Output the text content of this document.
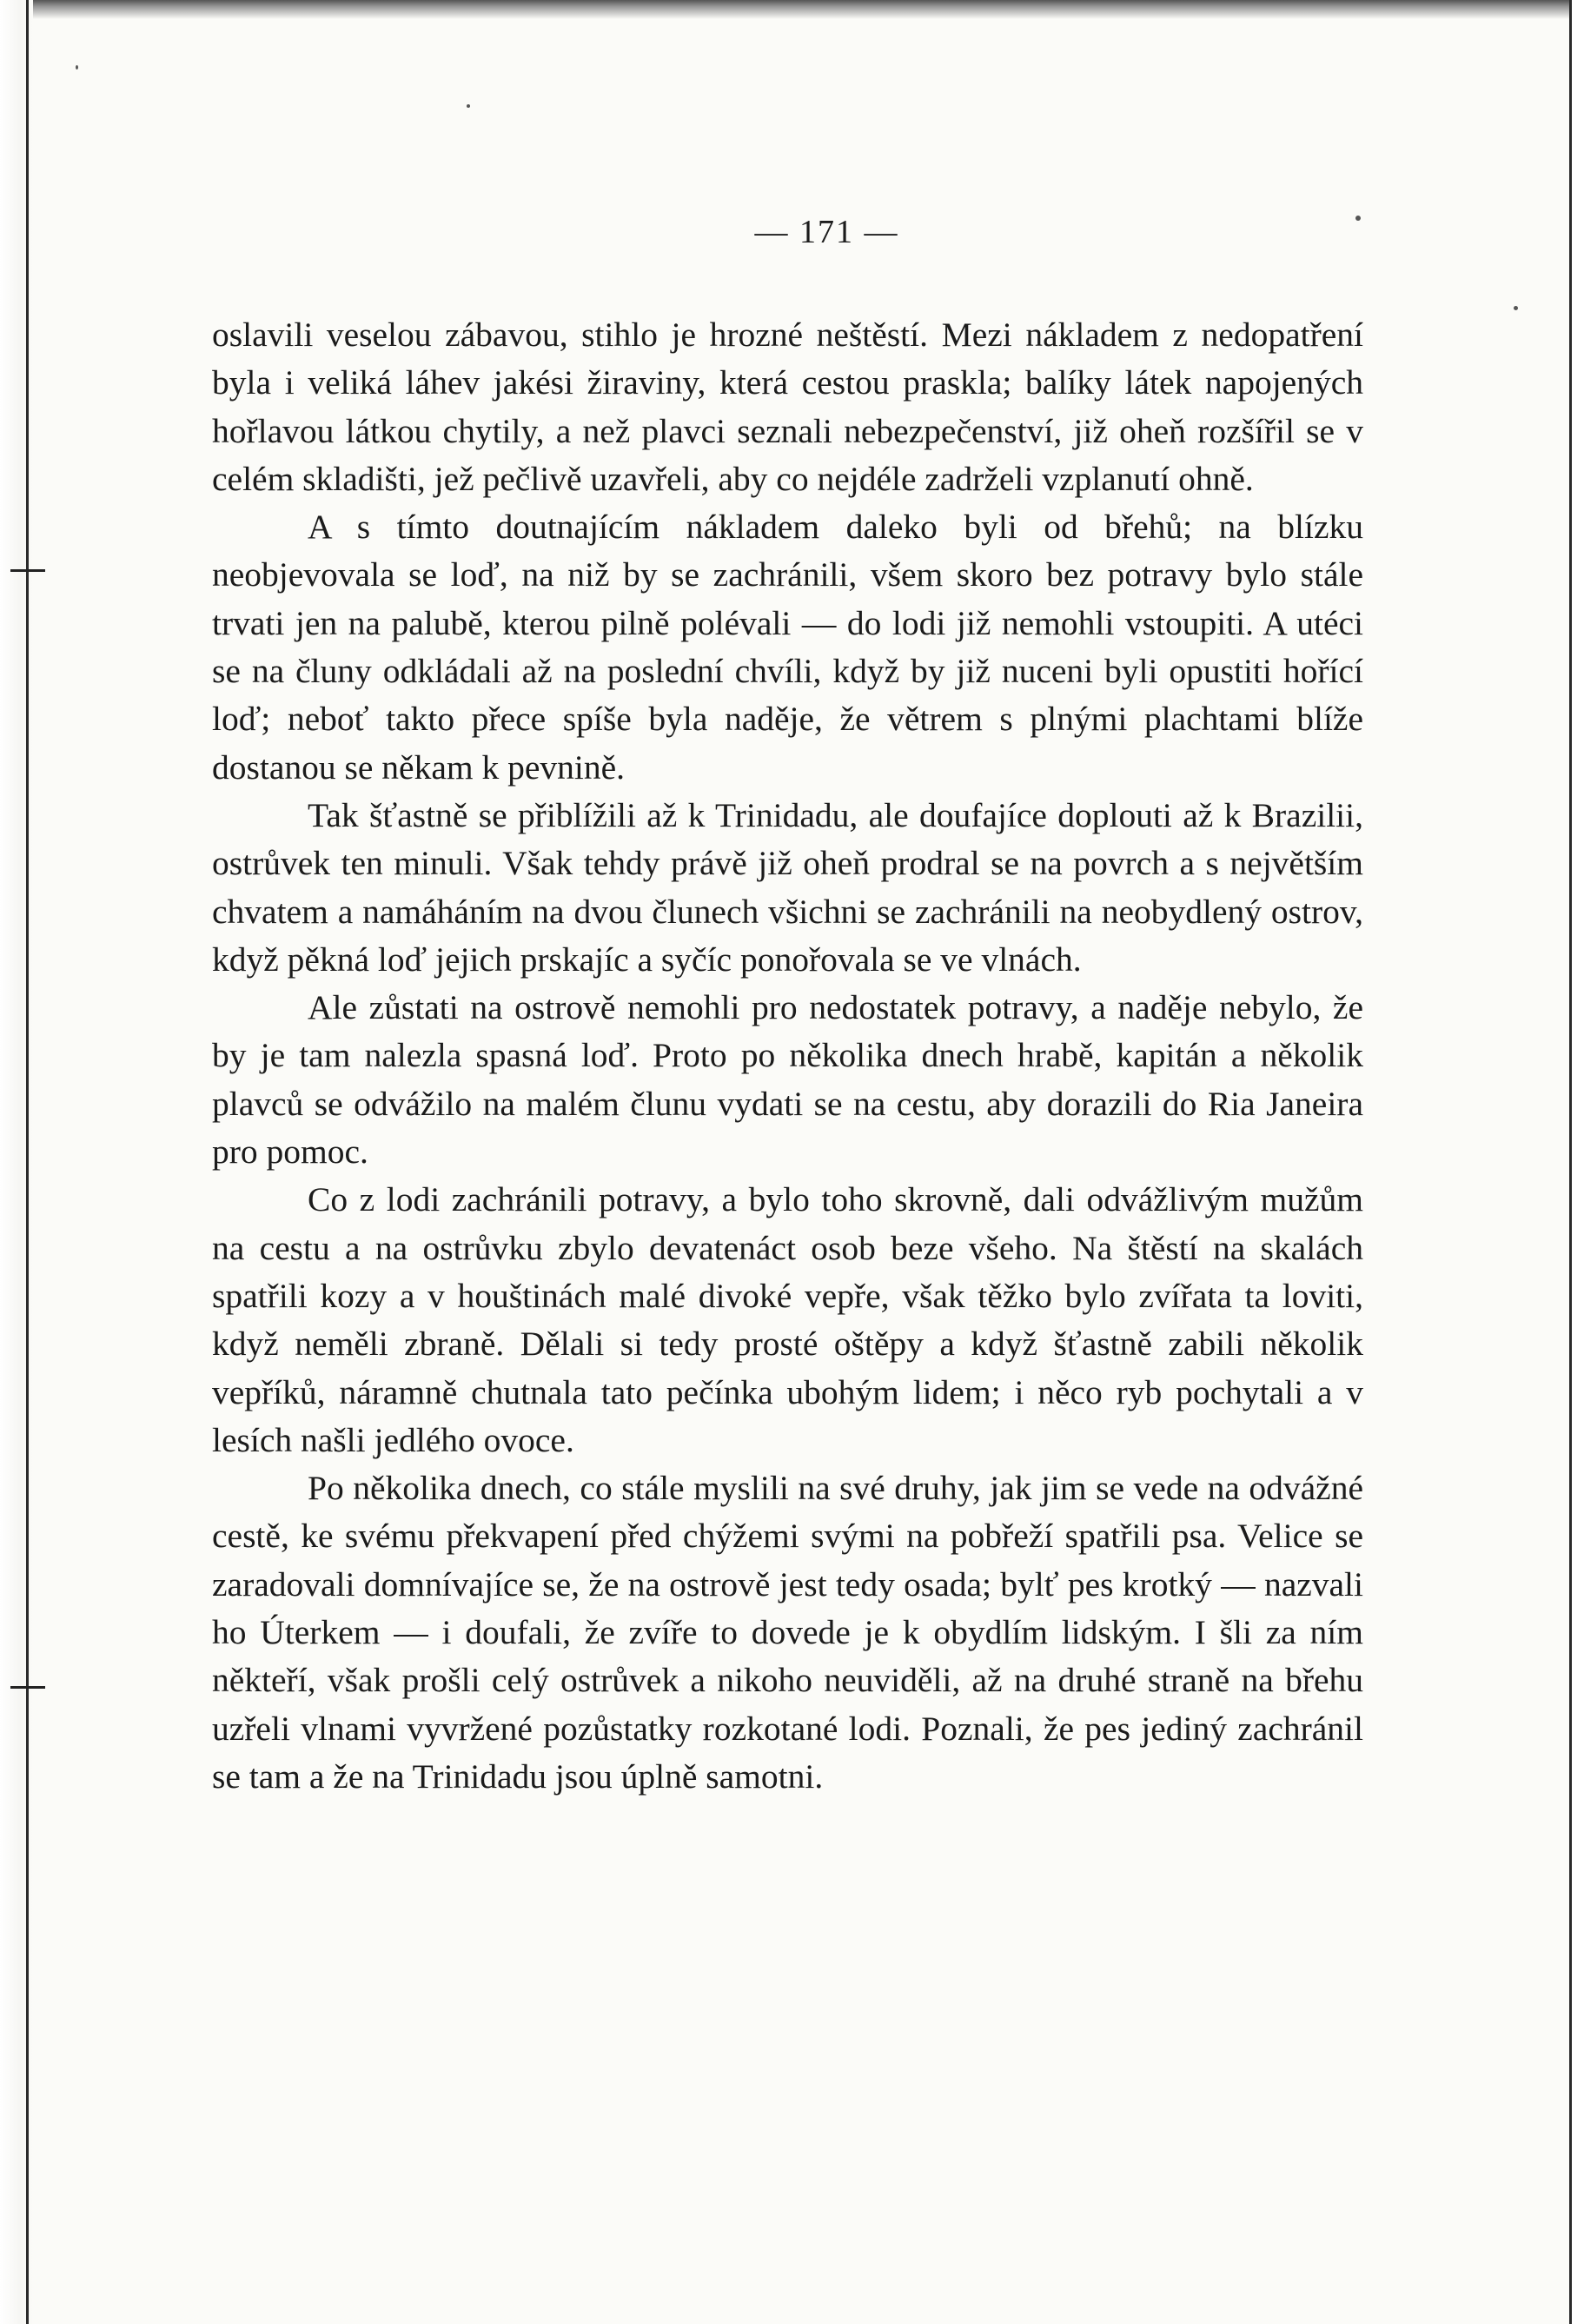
— 171 —

oslavili veselou zábavou, stihlo je hrozné neštěstí. Mezi nákladem z nedopatření byla i veliká láhev jakési žiraviny, která cestou praskla; balíky látek napojených hořlavou látkou chytily, a než plavci seznali nebezpečenství, již oheň rozšířil se v celém skladišti, jež pečlivě uzavřeli, aby co nejdéle zadrželi vzplanutí ohně.

A s tímto doutnajícím nákladem daleko byli od břehů; na blízku neobjevovala se loď, na niž by se zachránili, všem skoro bez potravy bylo stále trvati jen na palubě, kterou pilně polévali — do lodi již nemohli vstoupiti. A utéci se na čluny odkládali až na poslední chvíli, když by již nuceni byli opustiti hořící loď; neboť takto přece spíše byla naděje, že větrem s plnými plachtami blíže dostanou se někam k pevnině.

Tak šťastně se přiblížili až k Trinidadu, ale doufajíce doplouti až k Brazilii, ostrůvek ten minuli. Však tehdy právě již oheň prodral se na povrch a s největším chvatem a namáháním na dvou člunech všichni se zachránili na neobydlený ostrov, když pěkná loď jejich prskajíc a syčíc ponořovala se ve vlnách.

Ale zůstati na ostrově nemohli pro nedostatek potravy, a naděje nebylo, že by je tam nalezla spasná loď. Proto po několika dnech hrabě, kapitán a několik plavců se odvážilo na malém člunu vydati se na cestu, aby dorazili do Ria Janeira pro pomoc.

Co z lodi zachránili potravy, a bylo toho skrovně, dali odvážlivým mužům na cestu a na ostrůvku zbylo devatenáct osob beze všeho. Na štěstí na skalách spatřili kozy a v houštinách malé divoké vepře, však těžko bylo zvířata ta loviti, když neměli zbraně. Dělali si tedy prosté oštěpy a když šťastně zabili několik vepříků, náramně chutnala tato pečínka ubohým lidem; i něco ryb pochytali a v lesích našli jedlého ovoce.

Po několika dnech, co stále myslili na své druhy, jak jim se vede na odvážné cestě, ke svému překvapení před chýžemi svými na pobřeží spatřili psa. Velice se zaradovali domnívajíce se, že na ostrově jest tedy osada; bylť pes krotký — nazvali ho Úterkem — i doufali, že zvíře to dovede je k obydlím lidským. I šli za ním někteří, však prošli celý ostrůvek a nikoho neuviděli, až na druhé straně na břehu uzřeli vlnami vyvržené pozůstatky rozkotané lodi. Poznali, že pes jediný zachránil se tam a že na Trinidadu jsou úplně samotni.
